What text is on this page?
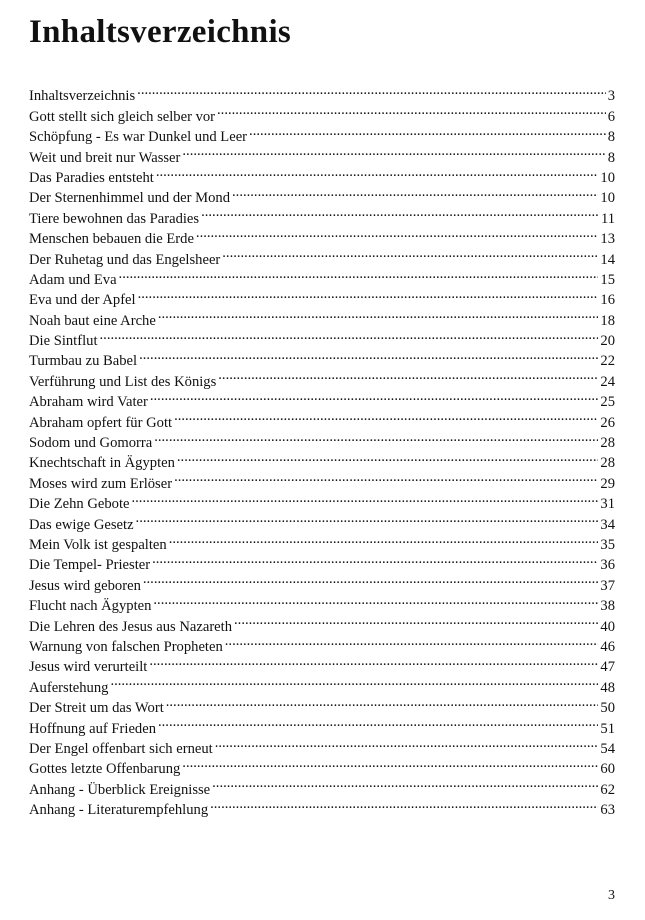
Inhaltsverzeichnis
Inhaltsverzeichnis .....	3
Gott stellt sich gleich selber vor .....	6
Schöpfung - Es war Dunkel und Leer .....	8
Weit und breit nur Wasser .....	8
Das Paradies entsteht .....	10
Der Sternenhimmel und der Mond .....	10
Tiere bewohnen das Paradies .....	11
Menschen bebauen die Erde .....	13
Der Ruhetag und das Engelsheer .....	14
Adam und Eva .....	15
Eva und der Apfel .....	16
Noah baut eine Arche .....	18
Die Sintflut .....	20
Turmbau zu Babel .....	22
Verführung und List des Königs .....	24
Abraham wird Vater .....	25
Abraham opfert für Gott .....	26
Sodom und Gomorra .....	28
Knechtschaft in Ägypten .....	28
Moses wird zum Erlöser .....	29
Die Zehn Gebote .....	31
Das ewige Gesetz .....	34
Mein Volk ist gespalten .....	35
Die Tempel- Priester .....	36
Jesus wird geboren .....	37
Flucht nach Ägypten .....	38
Die Lehren des Jesus aus Nazareth .....	40
Warnung von falschen Propheten .....	46
Jesus wird verurteilt .....	47
Auferstehung .....	48
Der Streit um das Wort .....	50
Hoffnung auf Frieden .....	51
Der Engel offenbart sich erneut .....	54
Gottes letzte Offenbarung .....	60
Anhang - Überblick Ereignisse .....	62
Anhang - Literaturempfehlung .....	63
3
